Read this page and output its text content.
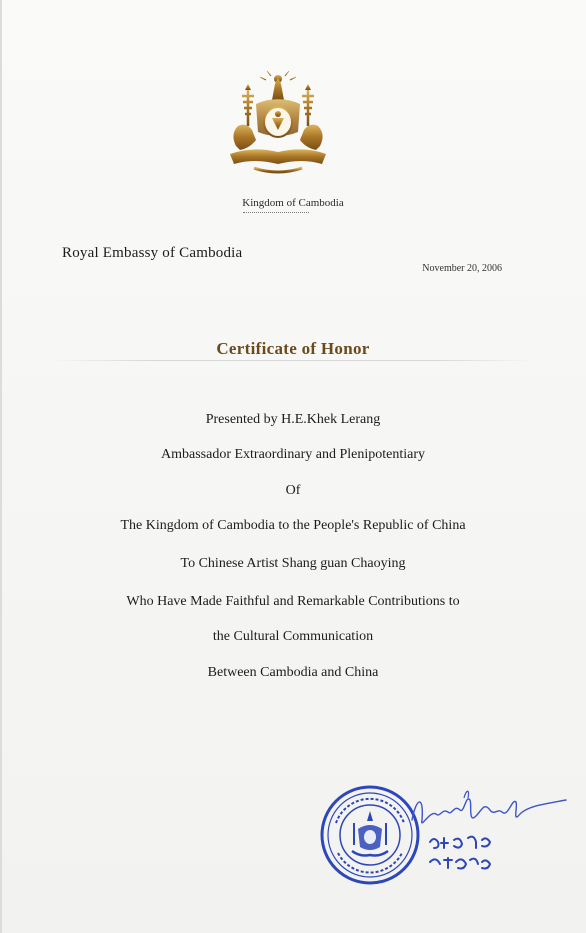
Kingdom of Cambodia
Royal Embassy of Cambodia
November 20, 2006
Certificate of Honor
Presented by H.E.Khek Lerang
Ambassador Extraordinary and Plenipotentiary
Of
The Kingdom of Cambodia to the People's Republic of China
To Chinese Artist Shang guan Chaoying
Who Have Made Faithful and Remarkable Contributions to
the Cultural Communication
Between Cambodia and China
